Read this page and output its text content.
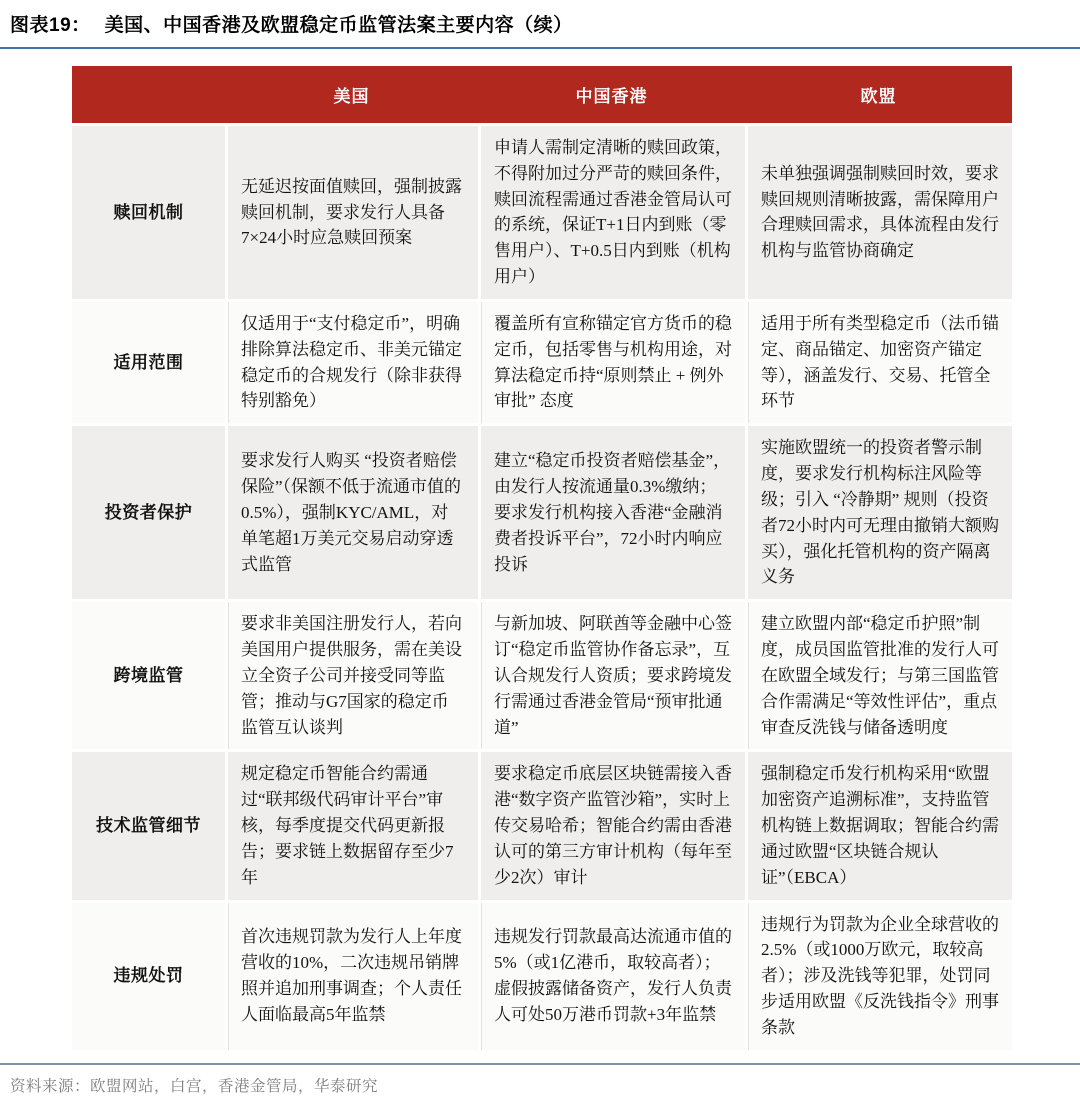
图表19： 美国、中国香港及欧盟稳定币监管法案主要内容（续）
	美国	中国香港	欧盟
赎回机制	无延迟按面值赎回，强制披露赎回机制，要求发行人具备7×24小时应急赎回预案	申请人需制定清晰的赎回政策，不得附加过分严苛的赎回条件，赎回流程需通过香港金管局认可的系统，保证T+1日内到账（零售用户）、T+0.5日内到账（机构用户）	未单独强调强制赎回时效，要求赎回规则清晰披露，需保障用户合理赎回需求，具体流程由发行机构与监管协商确定
适用范围	仅适用于“支付稳定币”，明确排除算法稳定币、非美元锚定稳定币的合规发行（除非获得特别豁免）	覆盖所有宣称锚定官方货币的稳定币，包括零售与机构用途，对算法稳定币持“原则禁止 + 例外审批” 态度	适用于所有类型稳定币（法币锚定、商品锚定、加密资产锚定等），涵盖发行、交易、托管全环节
投资者保护	要求发行人购买 “投资者赔偿保险”（保额不低于流通市值的0.5%），强制KYC/AML，对单笔超1万美元交易启动穿透式监管	建立“稳定币投资者赔偿基金”，由发行人按流通量0.3%缴纳；要求发行机构接入香港“金融消费者投诉平台”，72小时内响应投诉	实施欧盟统一的投资者警示制度，要求发行机构标注风险等级；引入 “冷静期” 规则（投资者72小时内可无理由撤销大额购买），强化托管机构的资产隔离义务
跨境监管	要求非美国注册发行人，若向美国用户提供服务，需在美设立全资子公司并接受同等监管；推动与G7国家的稳定币监管互认谈判	与新加坡、阿联酋等金融中心签订“稳定币监管协作备忘录”，互认合规发行人资质；要求跨境发行需通过香港金管局“预审批通道”	建立欧盟内部“稳定币护照”制度，成员国监管批准的发行人可在欧盟全域发行；与第三国监管合作需满足“等效性评估”，重点审查反洗钱与储备透明度
技术监管细节	规定稳定币智能合约需通过“联邦级代码审计平台”审核，每季度提交代码更新报告；要求链上数据留存至少7年	要求稳定币底层区块链需接入香港“数字资产监管沙箱”，实时上传交易哈希；智能合约需由香港认可的第三方审计机构（每年至少2次）审计	强制稳定币发行机构采用“欧盟加密资产追溯标准”，支持监管机构链上数据调取；智能合约需通过欧盟“区块链合规认证”（EBCA）
违规处罚	首次违规罚款为发行人上年度营收的10%，二次违规吊销牌照并追加刑事调查；个人责任人面临最高5年监禁	违规发行罚款最高达流通市值的5%（或1亿港币，取较高者）；虚假披露储备资产，发行人负责人可处50万港币罚款+3年监禁	违规行为罚款为企业全球营收的2.5%（或1000万欧元，取较高者）；涉及洗钱等犯罪，处罚同步适用欧盟《反洗钱指令》刑事条款
资料来源：欧盟网站，白宫，香港金管局，华泰研究
